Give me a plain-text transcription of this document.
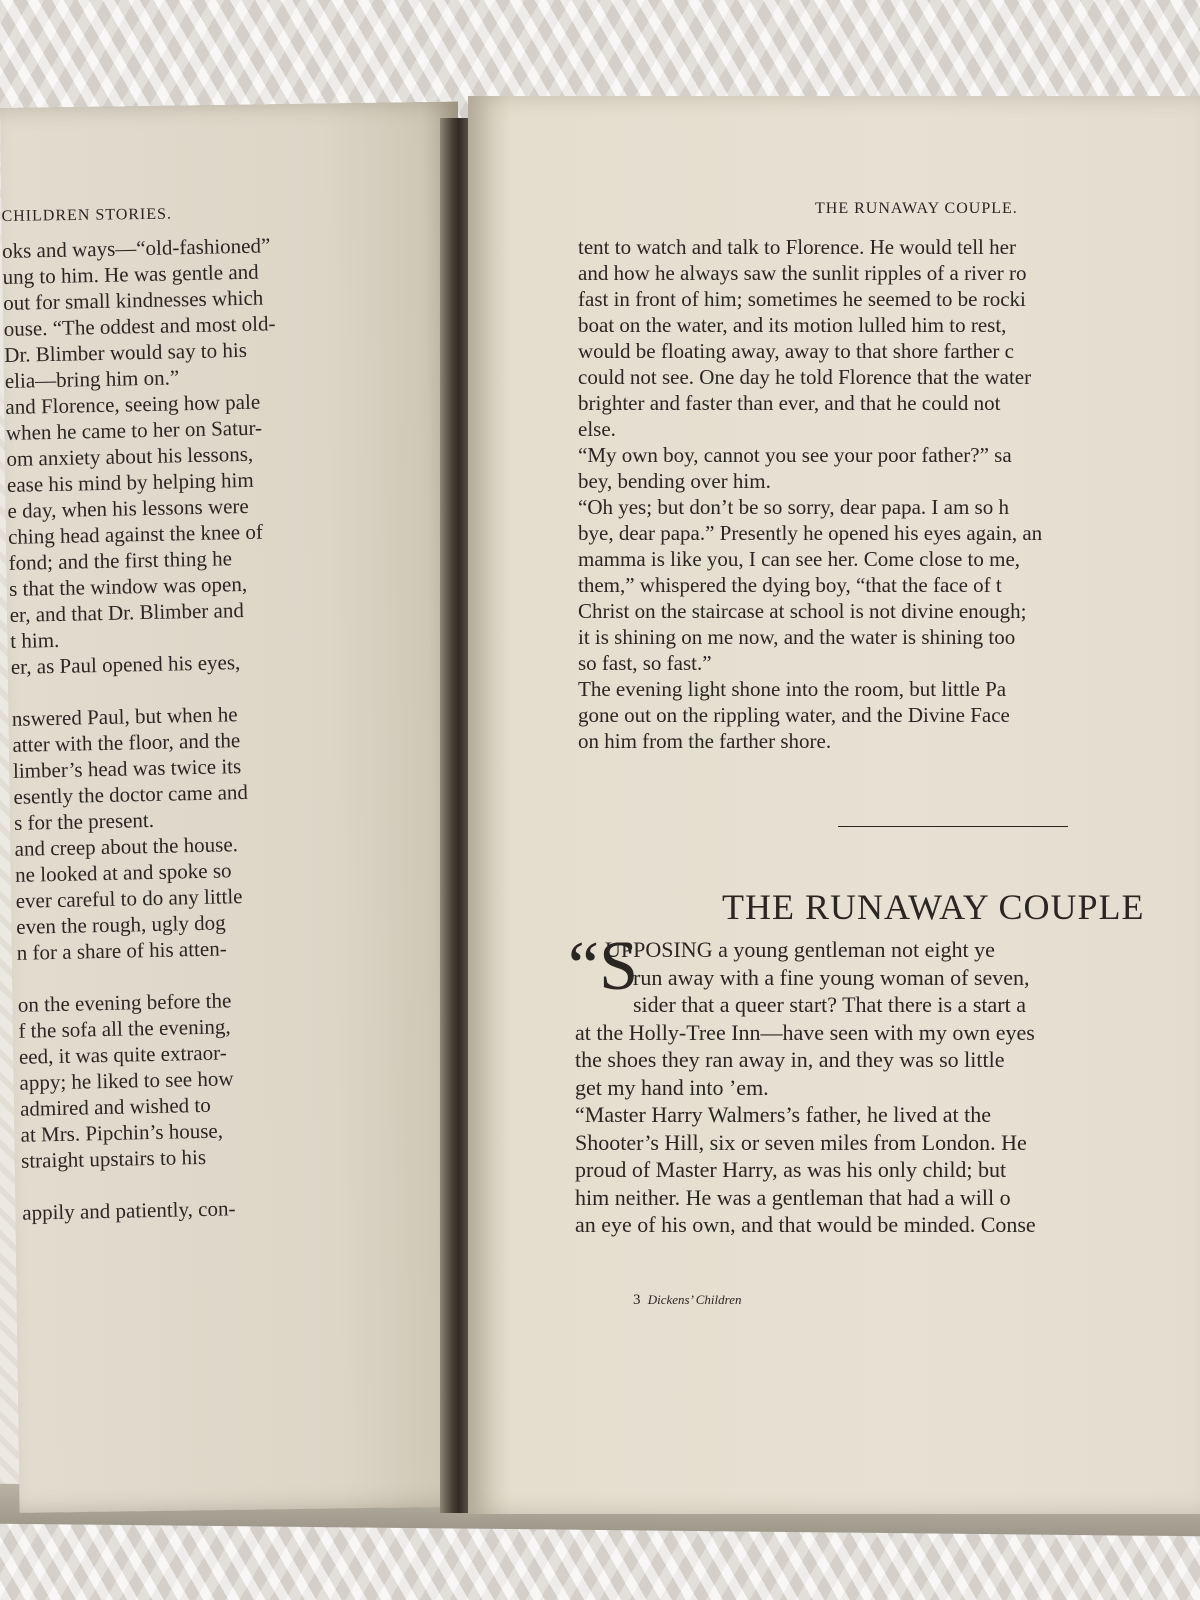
CHILDREN STORIES.
oks and ways—“old-fashioned”
ung to him. He was gentle and
out for small kindnesses which
ouse. “The oddest and most old-
Dr. Blimber would say to his
elia—bring him on.”
and Florence, seeing how pale
when he came to her on Satur-
om anxiety about his lessons,
ease his mind by helping him
e day, when his lessons were
ching head against the knee of
fond; and the first thing he
s that the window was open,
er, and that Dr. Blimber and
t him.
er, as Paul opened his eyes,
nswered Paul, but when he
atter with the floor, and the
limber’s head was twice its
esently the doctor came and
s for the present.
and creep about the house.
ne looked at and spoke so
ever careful to do any little
even the rough, ugly dog
n for a share of his atten-
on the evening before the
f the sofa all the evening,
eed, it was quite extraor-
appy; he liked to see how
admired and wished to
at Mrs. Pipchin’s house,
straight upstairs to his
appily and patiently, con-
THE RUNAWAY COUPLE.
tent to watch and talk to Florence. He would tell her
and how he always saw the sunlit ripples of a river ro
fast in front of him; sometimes he seemed to be rocki
boat on the water, and its motion lulled him to rest,
would be floating away, away to that shore farther c
could not see. One day he told Florence that the water
brighter and faster than ever, and that he could not
else.
“My own boy, cannot you see your poor father?” sa
bey, bending over him.
“Oh yes; but don’t be so sorry, dear papa. I am so h
bye, dear papa.” Presently he opened his eyes again, an
mamma is like you, I can see her. Come close to me,
them,” whispered the dying boy, “that the face of t
Christ on the staircase at school is not divine enough;
it is shining on me now, and the water is shining too
so fast, so fast.”
The evening light shone into the room, but little Pa
gone out on the rippling water, and the Divine Face
on him from the farther shore.
THE RUNAWAY COUPLE
“S
UPPOSING a young gentleman not eight ye
run away with a fine young woman of seven,
sider that a queer start? That there is a start a
at the Holly-Tree Inn—have seen with my own eyes
the shoes they ran away in, and they was so little
get my hand into ’em.
“Master Harry Walmers’s father, he lived at the
Shooter’s Hill, six or seven miles from London. He
proud of Master Harry, as was his only child; but
him neither. He was a gentleman that had a will o
an eye of his own, and that would be minded. Conse
3 Dickens’ Children
